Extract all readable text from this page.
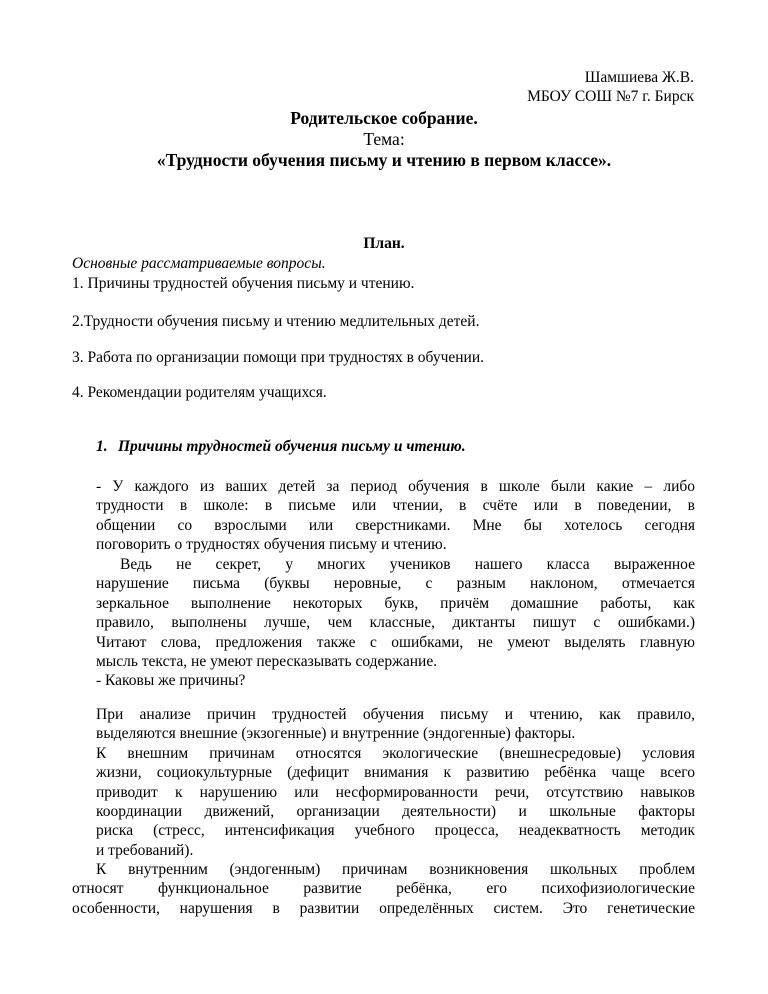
Шамшиева Ж.В.
МБОУ СОШ №7 г. Бирск
Родительское собрание.
Тема:
«Трудности обучения письму и чтению в первом классе».
План.
Основные рассматриваемые вопросы.
1. Причины трудностей обучения письму и чтению.
2.Трудности обучения письму и чтению медлительных детей.
3. Работа по организации помощи при трудностях в обучении.
4. Рекомендации родителям учащихся.
1. Причины трудностей обучения письму и чтению.
- У каждого из ваших детей за период обучения в школе были какие – либо
трудности в школе: в письме или чтении, в счёте или в поведении, в
общении со взрослыми или сверстниками. Мне бы хотелось сегодня
поговорить о трудностях обучения письму и чтению.
Ведь не секрет, у многих учеников нашего класса выраженное
нарушение письма (буквы неровные, с разным наклоном, отмечается
зеркальное выполнение некоторых букв, причём домашние работы, как
правило, выполнены лучше, чем классные, диктанты пишут с ошибками.)
Читают слова, предложения также с ошибками, не умеют выделять главную
мысль текста, не умеют пересказывать содержание.
- Каковы же причины?
При анализе причин трудностей обучения письму и чтению, как правило,
выделяются внешние (экзогенные) и внутренние (эндогенные) факторы.
К внешним причинам относятся экологические (внешнесредовые) условия
жизни, социокультурные (дефицит внимания к развитию ребёнка чаще всего
приводит к нарушению или несформированности речи, отсутствию навыков
координации движений, организации деятельности) и школьные факторы
риска (стресс, интенсификация учебного процесса, неадекватность методик
и требований).
К внутренним (эндогенным) причинам возникновения школьных проблем
относят функциональное развитие ребёнка, его психофизиологические
особенности, нарушения в развитии определённых систем. Это генетические
